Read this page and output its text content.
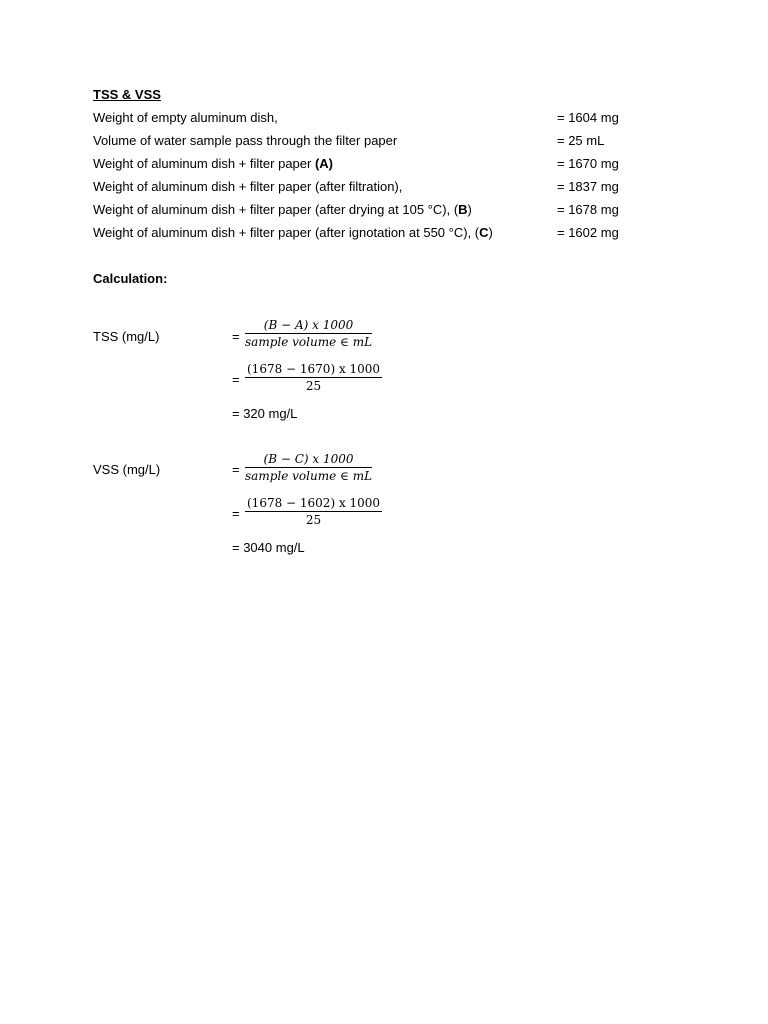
TSS & VSS
Weight of empty aluminum dish,	= 1604 mg
Volume of water sample pass through the filter paper	= 25 mL
Weight of aluminum dish + filter paper (A)	= 1670 mg
Weight of aluminum dish + filter paper (after filtration),	= 1837 mg
Weight of aluminum dish + filter paper (after drying at 105 °C), (B)	= 1678 mg
Weight of aluminum dish + filter paper (after ignotation at 550 °C), (C)	= 1602 mg
Calculation:
TSS (mg/L)	=
(B − A) x 1000
sample volume ∈ mL
= $\frac{(1678 - 1670) x 1000}{25}$
= 320 mg/L
VSS (mg/L)	=
(B − C) x 1000
sample volume ∈ mL
= $\frac{(1678 - 1602) x 1000}{25}$
= 3040 mg/L
